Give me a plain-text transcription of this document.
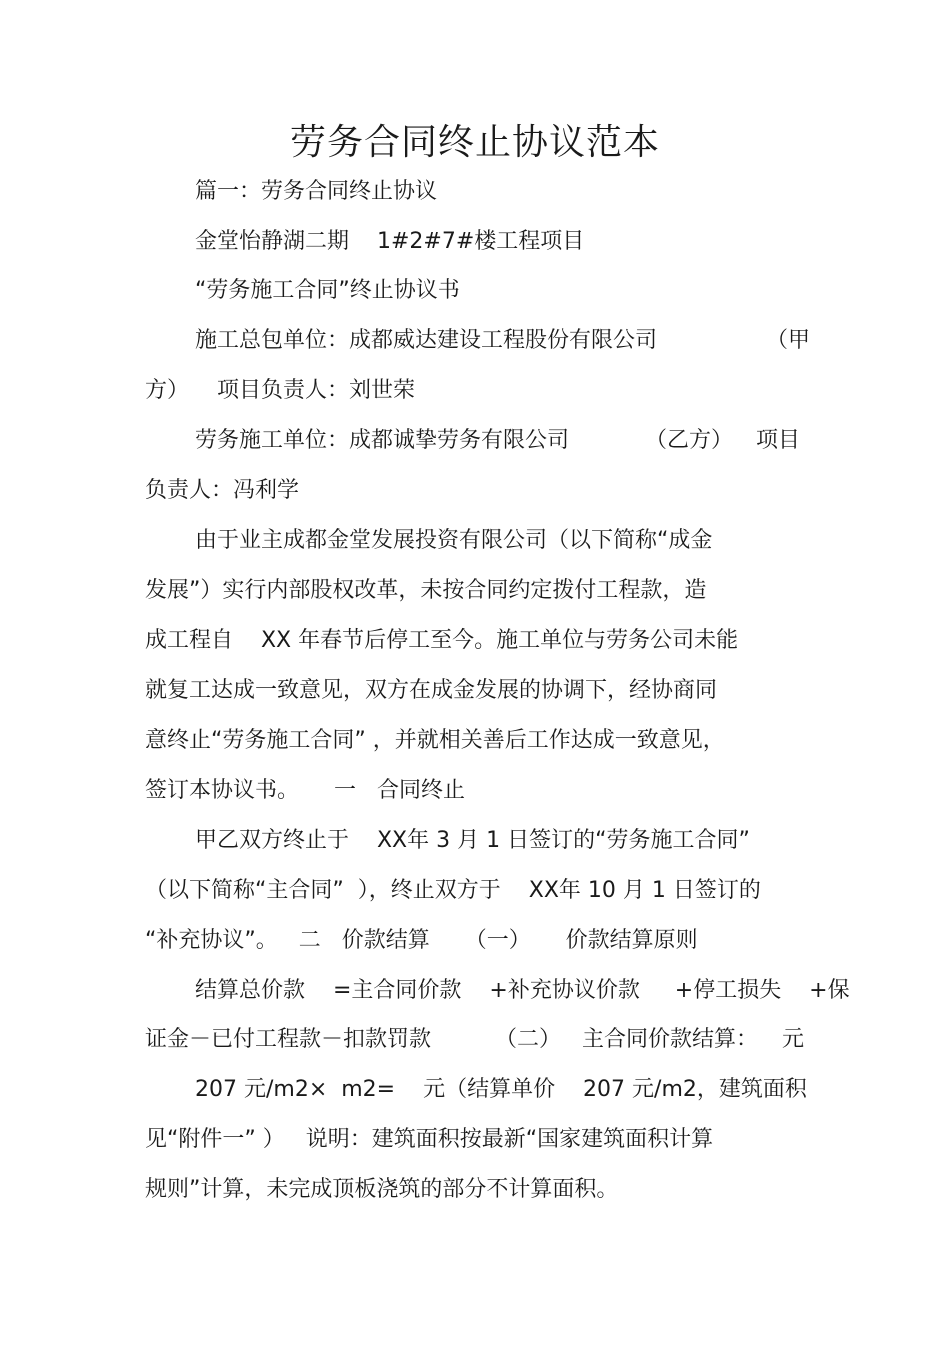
劳务合同终止协议范本

篇一：劳务合同终止协议

金堂怡静湖二期    1#2#7#楼工程项目

“劳务施工合同”终止协议书

施工总包单位：成都威达建设工程股份有限公司	（甲

方）    项目负责人：刘世荣

劳务施工单位：成都诚挚劳务有限公司	（乙方） 项目

负责人：冯利学

由于业主成都金堂发展投资有限公司（以下简称“成金

发展”）实行内部股权改革，未按合同约定拨付工程款，造

成工程自    XX 年春节后停工至今。施工单位与劳务公司未能

就复工达成一致意见，双方在成金发展的协调下，经协商同

意终止“劳务施工合同” ，并就相关善后工作达成一致意见，

签订本协议书。     一   合同终止

甲乙双方终止于    XX年 3 月 1 日签订的“劳务施工合同”

（以下简称“主合同”  ），终止双方于    XX年 10 月 1 日签订的

“补充协议”。   二   价款结算     （一）     价款结算原则

结算总价款    =主合同价款    +补充协议价款     +停工损失    +保

证金－已付工程款－扣款罚款	（二）   主合同价款结算： 元

207 元/m2×  m2=    元（结算单价    207 元/m2，建筑面积

见“附件一” ）   说明：建筑面积按最新“国家建筑面积计算

规则”计算，未完成顶板浇筑的部分不计算面积。
